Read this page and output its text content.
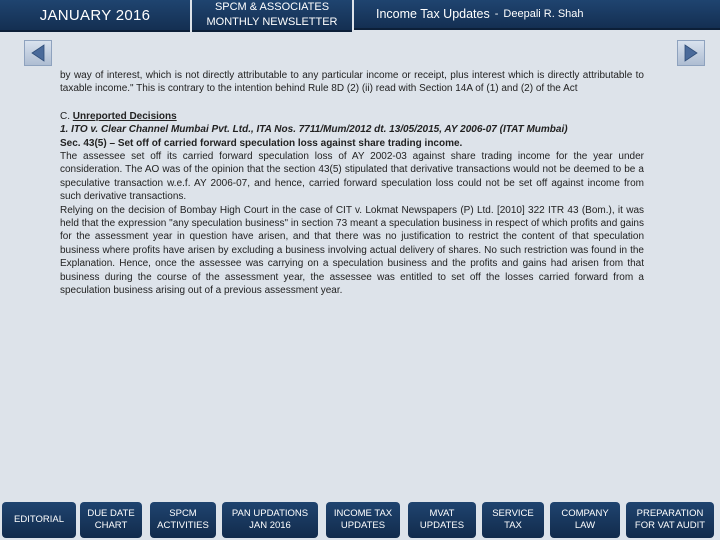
JANUARY 2016	SPCM & ASSOCIATES
MONTHLY NEWSLETTER
Income Tax Updates - Deepali R. Shah

by way of interest, which is not directly attributable to any particular income or receipt, plus interest which is directly attributable to taxable income." This is contrary to the intention behind Rule 8D (2) (ii) read with Section 14A of (1) and (2) of the Act

C. Unreported Decisions

1. ITO v. Clear Channel Mumbai Pvt. Ltd., ITA Nos. 7711/Mum/2012 dt. 13/05/2015, AY 2006-07 (ITAT Mumbai)

Sec. 43(5) – Set off of carried forward speculation loss against share trading income.

The assessee set off its carried forward speculation loss of AY 2002-03 against share trading income for the year under consideration. The AO was of the opinion that the section 43(5) stipulated that derivative transactions would not be deemed to be a speculative transaction w.e.f. AY 2006-07, and hence, carried forward speculation loss could not be set off against income from such derivative transactions.

Relying on the decision of Bombay High Court in the case of CIT v. Lokmat Newspapers (P) Ltd. [2010] 322 ITR 43 (Bom.), it was held that the expression "any speculation business" in section 73 meant a speculation business in respect of which profits and gains for the assessment year in question have arisen, and that there was no justification to restrict the content of that speculation business where profits have arisen by excluding a business involving actual delivery of shares. No such restriction was found in the Explanation. Hence, once the assessee was carrying on a speculation business and the profits and gains had arisen from that business during the course of the assessment year, the assessee was entitled to set off the losses carried forward from a speculation business arising out of a previous assessment year.

EDITORIAL
DUE DATE
CHART
SPCM
ACTIVITIES
PAN UPDATIONS
JAN 2016
INCOME TAX
UPDATES
MVAT
UPDATES
SERVICE
TAX
COMPANY
LAW
PREPARATION
FOR VAT AUDIT
